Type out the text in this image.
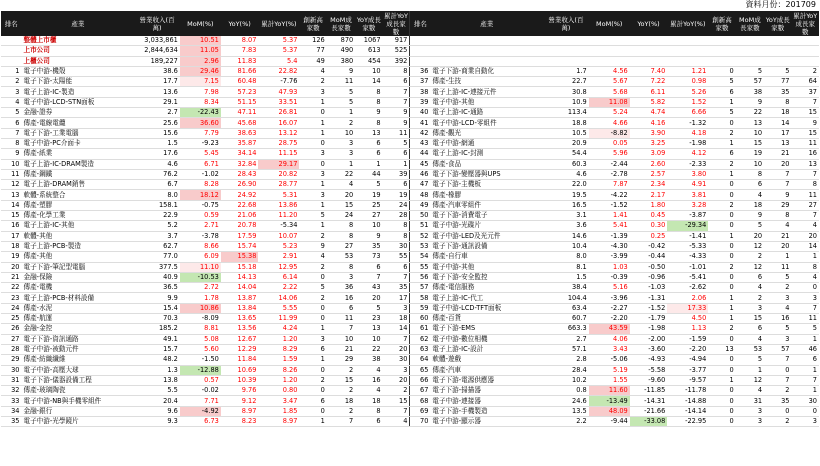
資料月份：201709
排名	產業	營業收入(百萬)	MoM(%)	YoY(%)	累計YoY(%)	創新高家數	MoM成長家數	YoY成長家數	累計YoY成長家數	排名	產業	營業收入(百萬)	MoM(%)	YoY(%)	累計YoY(%)	創新高家數	MoM成長家數	YoY成長家數	累計YoY成長家數
	整體上市櫃	3,033,861	10.51	8.07	5.37	126	870	1067	917										
	上市公司	2,844,634	11.05	7.83	5.37	77	490	613	525										
	上櫃公司	189,227	2.96	11.83	5.4	49	380	454	392										
1	電子中游-機殼	38.6	29.46	81.66	22.82	4	9	10	8	36	電子下游-商業自動化	1.7	4.56	7.40	1.21	0	5	5	2
2	電子下游-太陽能	17.7	7.15	60.48	-7.76	2	11	14	6	37	傳產-生技	22.7	5.67	7.22	0.98	5	57	77	64
3	電子上游-IC-製造	13.6	7.98	57.23	47.93	3	5	8	7	38	電子上游-IC-連接元件	30.8	5.68	6.11	5.26	6	38	35	37
4	電子中游-LCD-STN面板	29.1	8.34	51.15	33.51	1	5	8	7	39	電子中游-其他	10.9	11.08	5.82	1.52	1	9	8	7
5	金融-證券	2.7	-22.43	47.11	26.81	0	1	9	9	40	電子上游-IC-通路	113.4	5.24	4.74	6.66	5	22	18	15
6	傳產-電線電纜	25.6	36.60	45.68	16.07	1	2	8	9	41	電子中游-LCD-零組件	18.8	4.66	4.16	-1.32	0	13	14	9
7	電子下游-工業電腦	15.6	7.79	38.63	13.12	1	10	13	11	42	傳產-觀光	10.5	-8.82	3.90	4.18	2	10	17	15
8	電子中游-PC介面卡	1.5	-9.23	35.87	28.75	0	3	6	5	43	電子中游-網通	20.9	0.05	3.25	-1.98	1	15	13	11
9	傳產-紙業	17.6	5.45	34.14	11.15	3	3	6	6	44	電子上游-IC-封測	54.4	5.96	3.09	4.12	6	19	21	16
10	電子上游-IC-DRAM製造	4.6	6.71	32.84	29.17	0	1	1	1	45	傳產-食品	60.3	-2.44	2.60	-2.33	2	10	20	13
11	傳產-鋼鐵	76.2	-1.02	28.43	20.82	3	22	44	39	46	電子下游-變壓器與UPS	4.6	-2.78	2.57	3.80	1	8	7	7
12	電子上游-DRAM銷售	6.7	8.28	26.90	28.77	1	4	5	6	47	電子下游-主機板	22.0	7.87	2.34	4.91	0	6	7	8
13	軟體-系統整合	8.0	18.12	24.92	5.31	3	20	19	19	48	傳產-橡膠	19.5	-4.22	2.17	3.81	0	4	9	11
14	傳產-塑膠	158.1	-0.75	22.68	13.86	1	15	25	24	49	傳產-汽車零組件	16.5	-1.52	1.80	3.28	2	18	29	27
15	傳產-化學工業	22.9	0.59	21.06	11.20	5	24	27	28	50	電子下游-消費電子	3.1	1.41	0.45	-3.87	0	9	8	7
16	電子上游-IC-其他	5.2	2.71	20.78	-5.34	1	8	10	8	51	電子中游-光碟片	3.6	5.41	0.30	-29.34	0	5	4	4
17	軟體-其他	3.7	-3.78	17.59	10.07	2	8	9	8	52	電子中游-LED及光元件	14.6	-1.39	0.25	-1.41	1	20	21	20
18	電子上游-PCB-製造	62.7	8.66	15.74	5.23	9	27	35	30	53	電子下游-通訊設備	10.4	-4.30	-0.42	-5.33	0	12	20	14
19	傳產-其他	77.0	6.09	15.38	2.91	4	53	73	55	54	傳產-自行車	8.0	-3.99	-0.44	-4.33	0	2	1	1
20	電子下游-筆記型電腦	377.5	11.10	15.18	12.95	2	8	6	6	55	電子中游-其他	8.1	1.03	-0.50	-1.01	2	12	11	8
21	金融-保險	40.9	-10.53	14.13	6.14	0	3	7	7	56	電子下游-安全監控	1.5	-0.39	-0.96	-5.41	0	6	5	4
22	傳產-電機	36.5	2.72	14.04	2.22	5	36	43	35	57	傳產-電信服務	38.4	5.16	-1.03	-2.62	0	4	2	0
23	電子上游-PCB-材料設備	9.9	1.78	13.87	14.06	2	16	20	17	58	電子上游-IC-代工	104.4	-3.96	-1.31	2.06	1	2	3	3
24	傳產-水泥	15.4	10.86	13.84	5.55	0	6	5	3	59	電子中游-LCD-TFT面板	63.4	-2.27	-1.52	17.33	1	3	4	7
25	傳產-航運	70.3	-8.09	13.65	11.99	0	11	23	18	60	傳產-百貨	60.7	-2.20	-1.79	4.50	1	15	16	11
26	金融-金控	185.2	8.81	13.56	4.24	1	7	13	14	61	電子下游-EMS	663.3	43.59	-1.98	1.13	2	6	5	5
27	電子下游-資訊通路	49.1	5.08	12.67	1.20	3	10	10	7	62	電子中游-數位相機	2.7	4.06	-2.00	-1.59	0	4	3	1
28	電子中游-被動元件	15.7	5.60	12.29	8.29	6	21	22	20	63	電子上游-IC-設計	57.1	3.43	-3.60	-2.20	13	53	57	46
29	傳產-紡織纖維	48.2	-1.50	11.84	1.59	1	29	38	30	64	軟體-遊戲	2.8	-5.06	-4.93	-4.94	0	5	7	6
30	電子中游-高壓大球	1.3	-12.88	10.69	8.26	0	2	4	3	65	傳產-汽車	28.4	5.19	-5.58	-3.77	0	1	0	1
31	電子下游-儀器設備工程	13.8	0.57	10.39	1.20	2	15	16	20	66	電子下游-電源供應器	10.2	1.55	-9.60	-9.57	1	12	7	7
32	傳產-玻璃陶瓷	5.5	-0.02	9.76	0.80	0	2	4	2	67	電子下游-掃描器	0.8	11.60	-11.85	-11.78	0	4	2	1
33	電子中游-NB與手機零組件	20.4	7.71	9.12	3.47	6	18	18	15	68	電子中游-連接器	24.6	-13.49	-14.31	-14.88	0	31	35	30
34	金融-銀行	9.6	-4.92	8.97	1.85	0	2	8	7	69	電子下游-手機製造	13.5	48.09	-21.66	-14.14	0	3	0	0
35	電子中游-光學鏡片	9.3	6.73	8.23	8.97	1	7	6	4	70	電子中游-顯示器	2.2	-9.44	-33.08	-22.95	0	3	2	3
